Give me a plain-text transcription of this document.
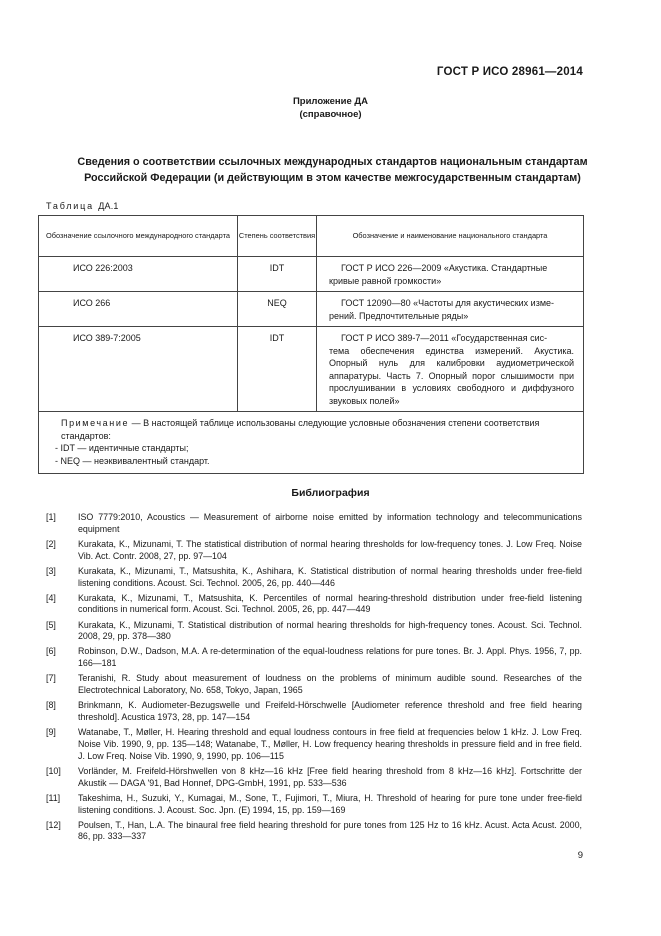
ГОСТ Р ИСО 28961—2014
Приложение ДА
(справочное)
Сведения о соответствии ссылочных международных стандартов национальным стандартам
Российской Федерации (и действующим в этом качестве межгосударственным стандартам)
Таблица ДА.1
Обозначение ссылочного международного стандарта	Степень соответствия	Обозначение и наименование национального стандарта
ИСО 226:2003	IDT	ГОСТ Р ИСО 226—2009 «Акустика. Стандартные
кривые равной громкости»

ИСО 266	NEQ	ГОСТ 12090—80 «Частоты для акустических изме-
рений. Предпочтительные ряды»

ИСО 389-7:2005	IDT	ГОСТ Р ИСО 389-7—2011 «Государственная сис-
тема обеспечения единства измерений. Акустика. Опорный нуль для калибровки аудиометрической аппаратуры. Часть 7. Опорный порог слышимости при прослушивании в условиях свободного и диффузного звуковых полей»

Примечание — В настоящей таблице использованы следующие условные обозначения степени соответствия стандартов:
- IDT — идентичные стандарты;
- NEQ — неэквивалентный стандарт.		
Библиография
[1]	ISO 7779:2010, Acoustics — Measurement of airborne noise emitted by information technology and telecommunications equipment
[2]	Kurakata, K., Mizunami, T. The statistical distribution of normal hearing thresholds for low-frequency tones. J. Low Freq. Noise Vib. Act. Contr. 2008, 27, pp. 97—104
[3]	Kurakata, K., Mizunami, T., Matsushita, K., Ashihara, K. Statistical distribution of normal hearing thresholds under free-field listening conditions. Acoust. Sci. Technol. 2005, 26, pp. 440—446
[4]	Kurakata, K., Mizunami, T., Matsushita, K. Percentiles of normal hearing-threshold distribution under free-field listening conditions in numerical form. Acoust. Sci. Technol. 2005, 26, pp. 447—449
[5]	Kurakata, K., Mizunami, T. Statistical distribution of normal hearing thresholds for high-frequency tones. Acoust. Sci. Technol. 2008, 29, pp. 378—380
[6]	Robinson, D.W., Dadson, M.A. A re-determination of the equal-loudness relations for pure tones. Br. J. Appl. Phys. 1956, 7, pp. 166—181
[7]	Teranishi, R. Study about measurement of loudness on the problems of minimum audible sound. Researches of the Electrotechnical Laboratory, No. 658, Tokyo, Japan, 1965
[8]	Brinkmann, K. Audiometer-Bezugswelle und Freifeld-Hörschwelle [Audiometer reference threshold and free field hearing threshold]. Acustica 1973, 28, pp. 147—154
[9]	Watanabe, T., Møller, H. Hearing threshold and equal loudness contours in free field at frequencies below 1 kHz. J. Low Freq. Noise Vib. 1990, 9, pp. 135—148; Watanabe, T., Møller, H. Low frequency hearing thresholds in pressure field and in free field. J. Low Freq. Noise Vib. 1990, 9, 1990, pp. 106—115
[10]	Vorländer, M. Freifeld-Hörshwellen von 8 kHz—16 kHz [Free field hearing threshold from 8 kHz—16 kHz]. Fortschritte der Akustik — DAGA '91, Bad Honnef, DPG-GmbH, 1991, pp. 533—536
[11]	Takeshima, H., Suzuki, Y., Kumagai, M., Sone, T., Fujimori, T., Miura, H. Threshold of hearing for pure tone under free-field listening conditions. J. Acoust. Soc. Jpn. (E) 1994, 15, pp. 159—169
[12]	Poulsen, T., Han, L.A. The binaural free field hearing threshold for pure tones from 125 Hz to 16 kHz. Acust. Acta Acust. 2000, 86, pp. 333—337
9
